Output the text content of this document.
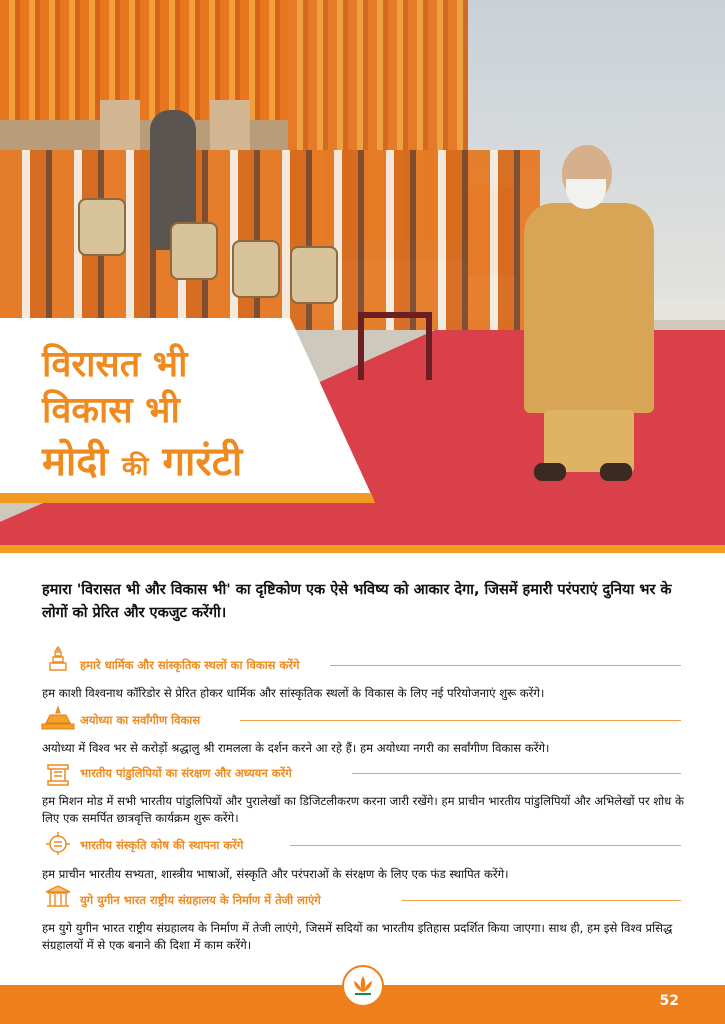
विरासत भी
विकास भी
मोदी की गारंटी
हमारा 'विरासत भी और विकास भी' का दृष्टिकोण एक ऐसे भविष्य को आकार देगा, जिसमें हमारी परंपराएं दुनिया भर के लोगों को प्रेरित और एकजुट करेंगी।
हमारे धार्मिक और सांस्कृतिक स्थलों का विकास करेंगे
हम काशी विश्वनाथ कॉरिडोर से प्रेरित होकर धार्मिक और सांस्कृतिक स्थलों के विकास के लिए नई परियोजनाएं शुरू करेंगे।
अयोध्या का सर्वांगीण विकास
अयोध्या में विश्व भर से करोड़ों श्रद्धालु श्री रामलला के दर्शन करने आ रहे हैं। हम अयोध्या नगरी का सर्वांगीण विकास करेंगे।
भारतीय पांडुलिपियों का संरक्षण और अध्ययन करेंगे
हम मिशन मोड में सभी भारतीय पांडुलिपियों और पुरालेखों का डिजिटलीकरण करना जारी रखेंगे। हम प्राचीन भारतीय पांडुलिपियों और अभिलेखों पर शोध के लिए एक समर्पित छात्रवृत्ति कार्यक्रम शुरू करेंगे।
भारतीय संस्कृति कोष की स्थापना करेंगे
हम प्राचीन भारतीय सभ्यता, शास्त्रीय भाषाओं, संस्कृति और परंपराओं के संरक्षण के लिए एक फंड स्थापित करेंगे।
युगे युगीन भारत राष्ट्रीय संग्रहालय के निर्माण में तेजी लाएंगे
हम युगे युगीन भारत राष्ट्रीय संग्रहालय के निर्माण में तेजी लाएंगे, जिसमें सदियों का भारतीय इतिहास प्रदर्शित किया जाएगा। साथ ही, हम इसे विश्व प्रसिद्ध संग्रहालयों में से एक बनाने की दिशा में काम करेंगे।
52
